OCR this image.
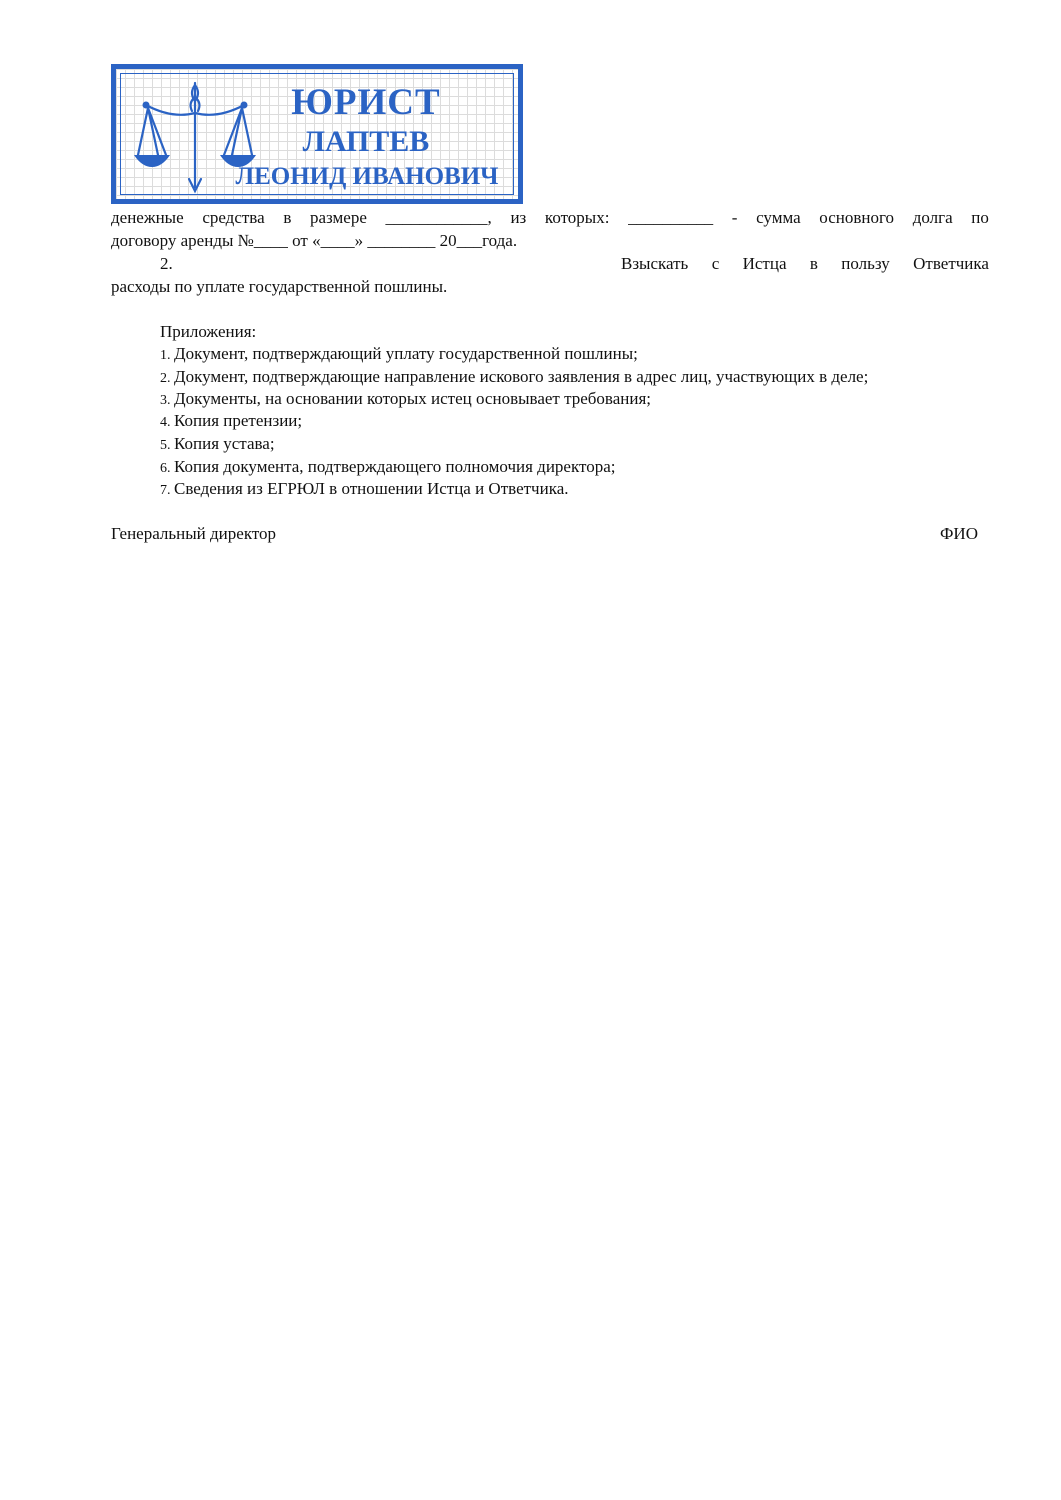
ЮРИСТ
ЛАПТЕВ
ЛЕОНИД ИВАНОВИЧ
денежные средства в размере ____________, из которых: __________ - сумма основного долга по
договору аренды №____ от «____» ________ 20___года.
2.	Взыскать с Истца в пользу Ответчика
расходы по уплате государственной пошлины.
Приложения:
1. Документ, подтверждающий уплату государственной пошлины;
2. Документ, подтверждающие направление искового заявления в адрес лиц, участвующих в деле;
3. Документы, на основании которых истец основывает требования;
4. Копия претензии;
5. Копия устава;
6. Копия документа, подтверждающего полномочия директора;
7. Сведения из ЕГРЮЛ в отношении Истца и Ответчика.
Генеральный директор	ФИО
